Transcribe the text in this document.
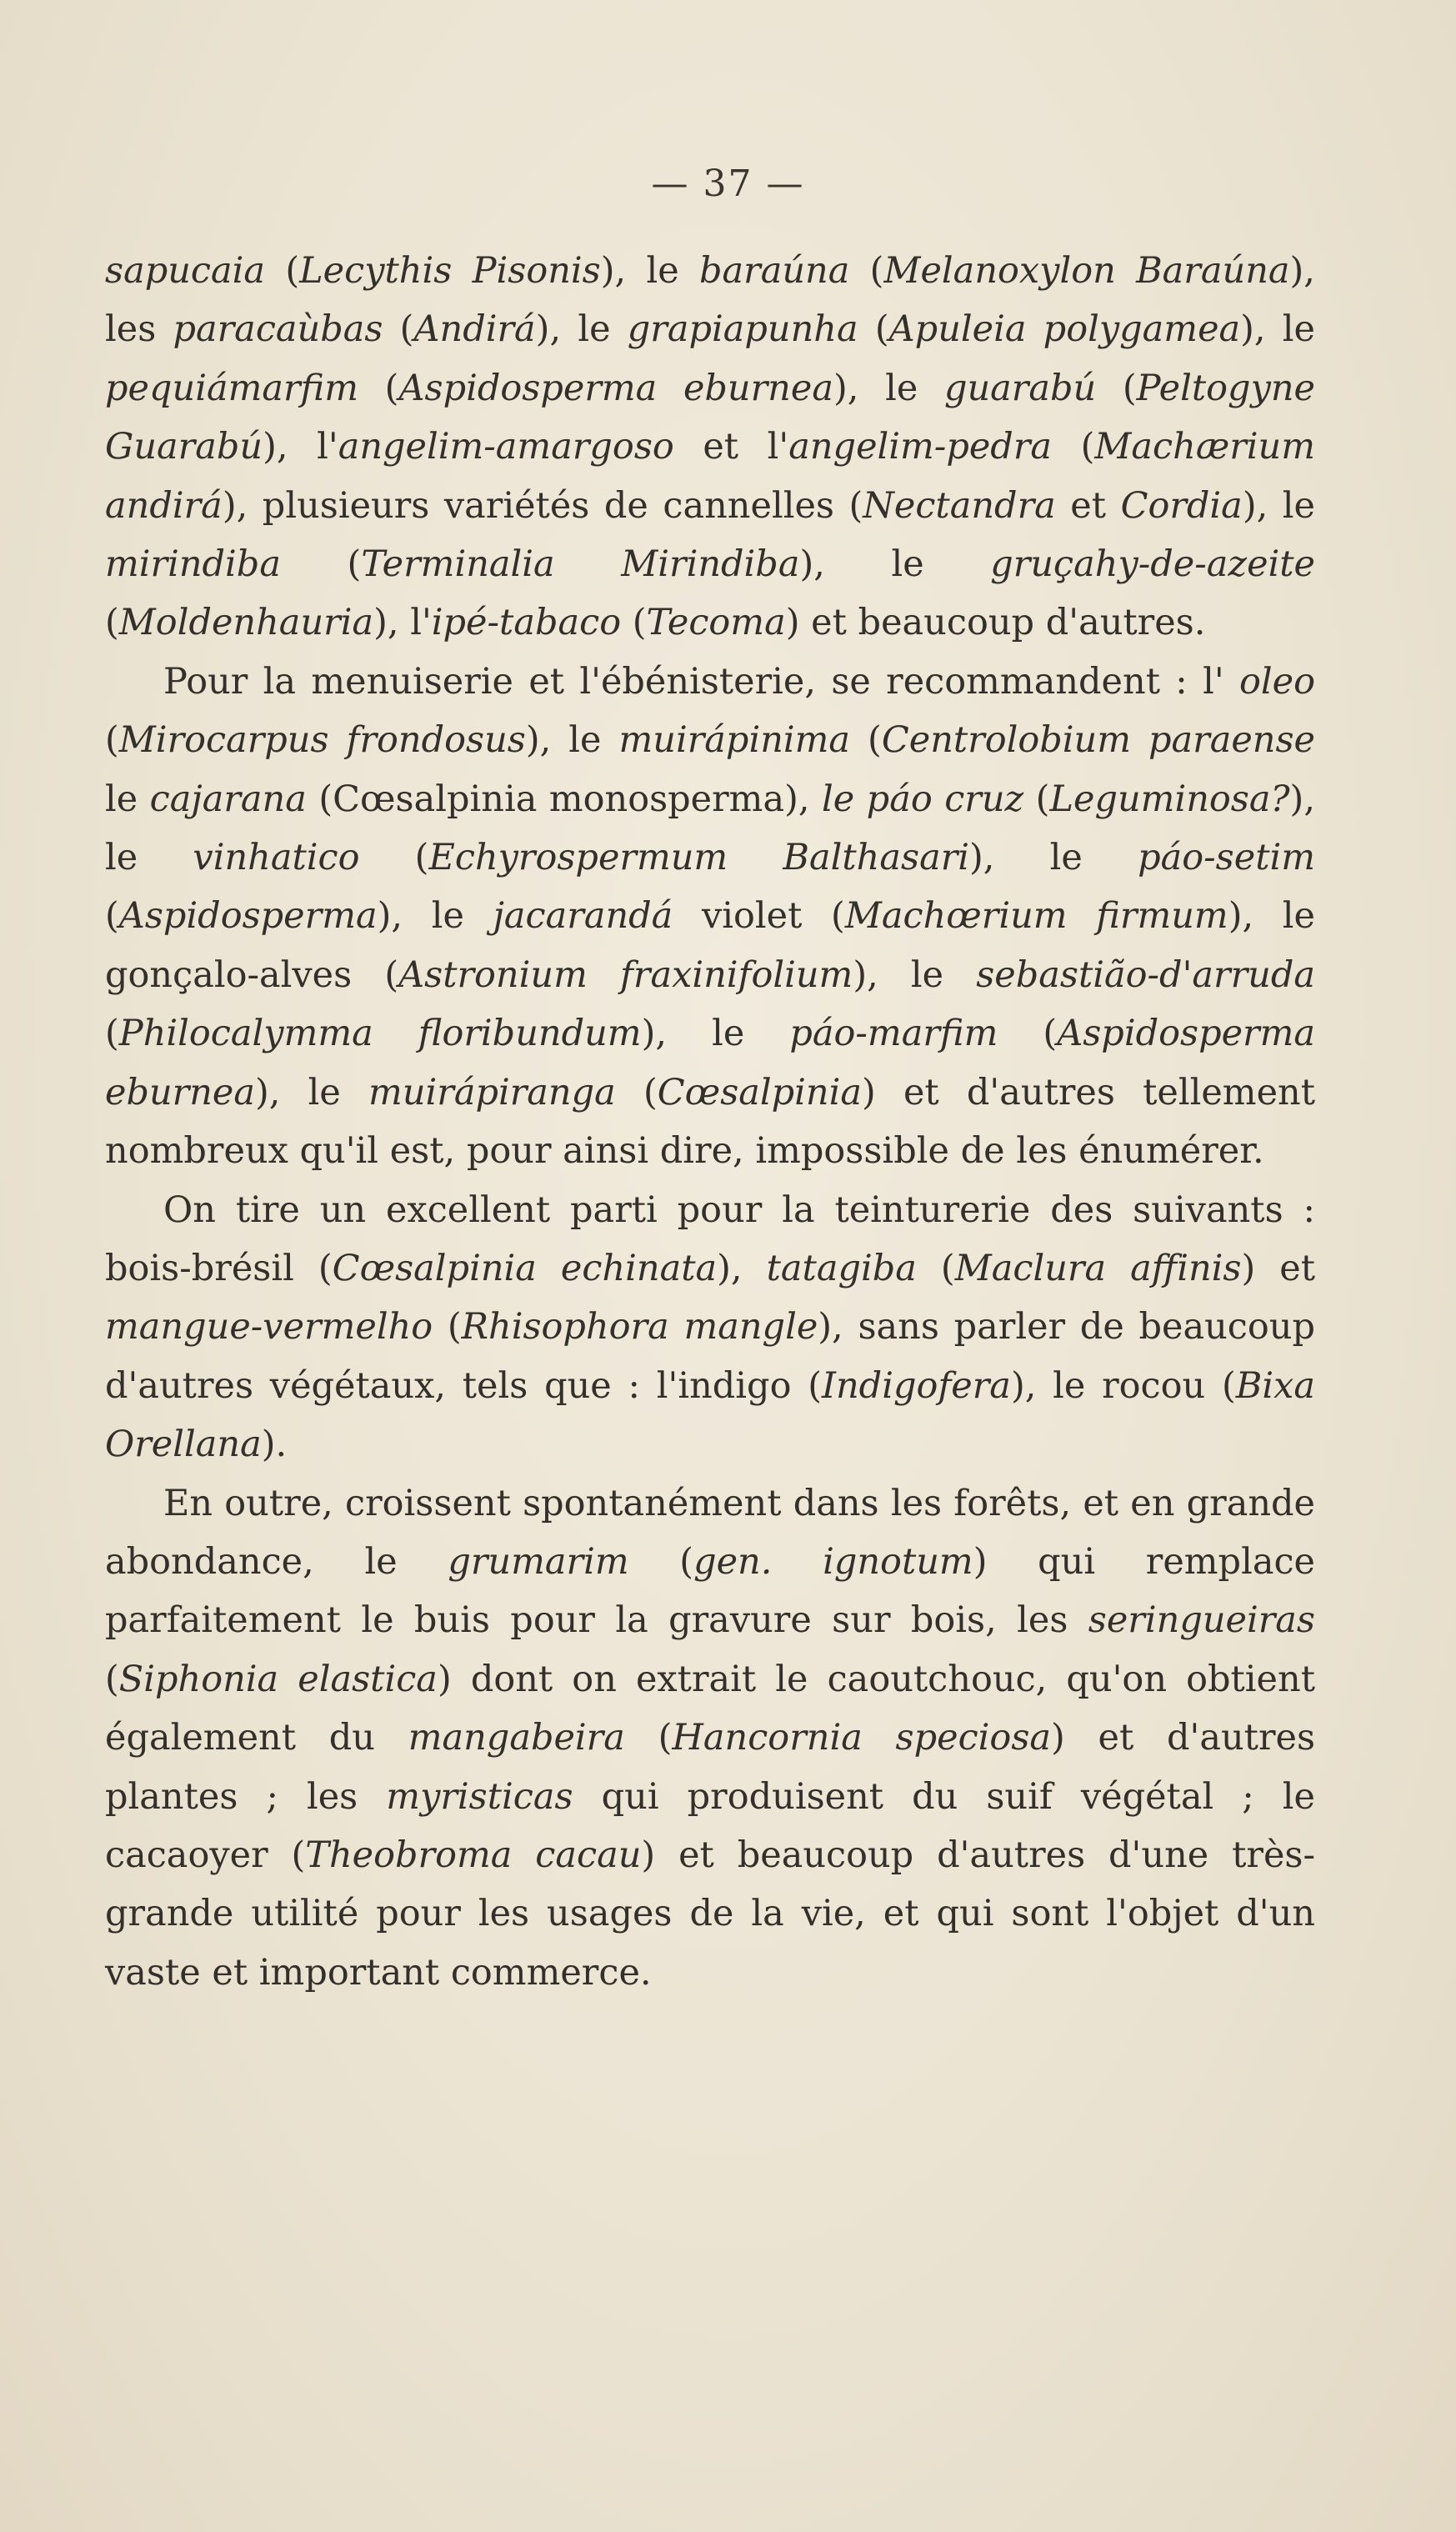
— 37 —

sapucaia (Lecythis Pisonis), le baraúna (Melanoxylon Baraúna), les paracaùbas (Andirá), le grapiapunha (Apuleia polygamea), le pequiámarfim (Aspidosperma eburnea), le guarabú (Peltogyne Guarabú), l'angelim-amargoso et l'angelim-pedra (Machærium andirá), plusieurs variétés de cannelles (Nectandra et Cordia), le mirindiba (Terminalia Mirindiba), le gruçahy-de-azeite (Moldenhauria), l'ipé-tabaco (Tecoma) et beaucoup d'autres.

Pour la menuiserie et l'ébénisterie, se recommandent : l' oleo (Mirocarpus frondosus), le muirápinima (Centrolobium paraense le cajarana (Cœsalpinia monosperma), le páo cruz (Leguminosa?), le vinhatico (Echyrospermum Balthasari), le páo-setim (Aspidosperma), le jacarandá violet (Machœrium firmum), le gonçalo-alves (Astronium fraxinifolium), le sebastião-d'arruda (Philocalymma floribundum), le páo-marfim (Aspidosperma eburnea), le muirápiranga (Cœsalpinia) et d'autres tellement nombreux qu'il est, pour ainsi dire, impossible de les énumérer.

On tire un excellent parti pour la teinturerie des suivants : bois-brésil (Cœsalpinia echinata), tatagiba (Maclura affinis) et mangue-vermelho (Rhisophora mangle), sans parler de beaucoup d'autres végétaux, tels que : l'indigo (Indigofera), le rocou (Bixa Orellana).

En outre, croissent spontanément dans les forêts, et en grande abondance, le grumarim (gen. ignotum) qui remplace parfaitement le buis pour la gravure sur bois, les seringueiras (Siphonia elastica) dont on extrait le caoutchouc, qu'on obtient également du mangabeira (Hancornia speciosa) et d'autres plantes ; les myristicas qui produisent du suif végétal ; le cacaoyer (Theobroma cacau) et beaucoup d'autres d'une très-grande utilité pour les usages de la vie, et qui sont l'objet d'un vaste et important commerce.
